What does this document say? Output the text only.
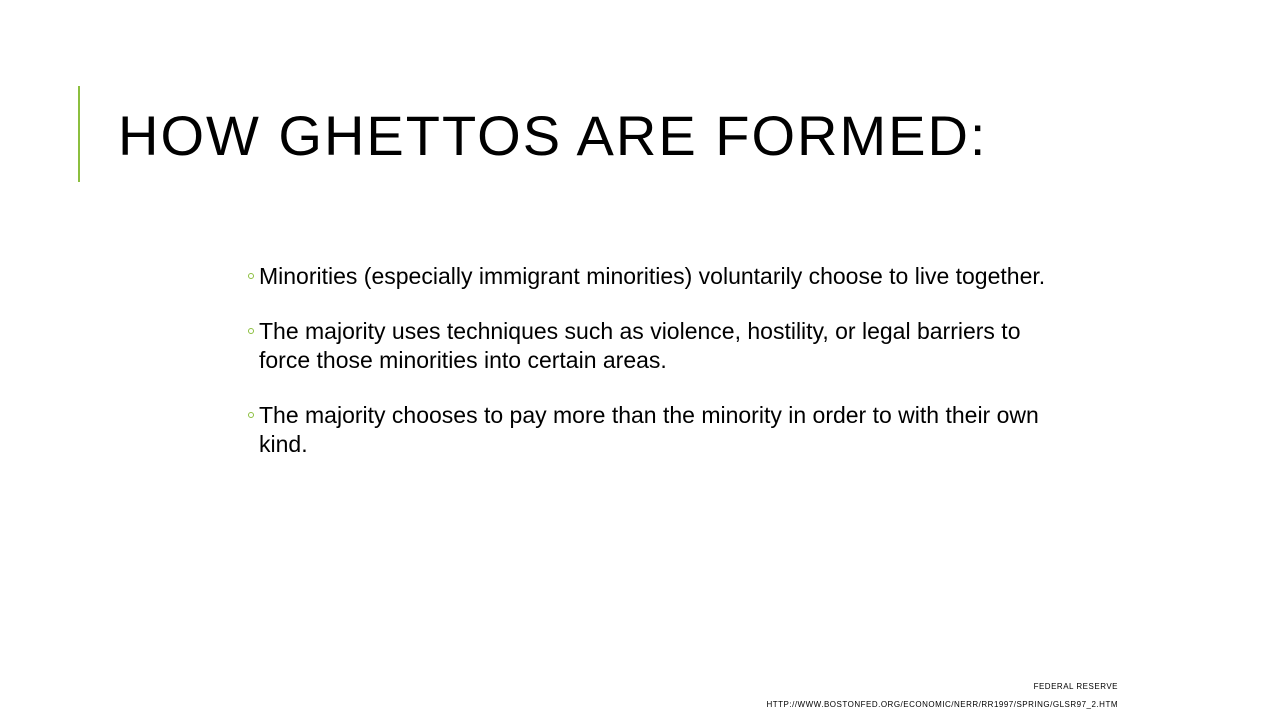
HOW GHETTOS ARE FORMED:
Minorities (especially immigrant minorities) voluntarily choose to live together.
The majority uses techniques such as violence, hostility, or legal barriers to force those minorities into certain areas.
The majority chooses to pay more than the minority in order to with their own kind.
FEDERAL RESERVE
HTTP://WWW.BOSTONFED.ORG/ECONOMIC/NERR/RR1997/SPRING/GLSR97_2.HTM
